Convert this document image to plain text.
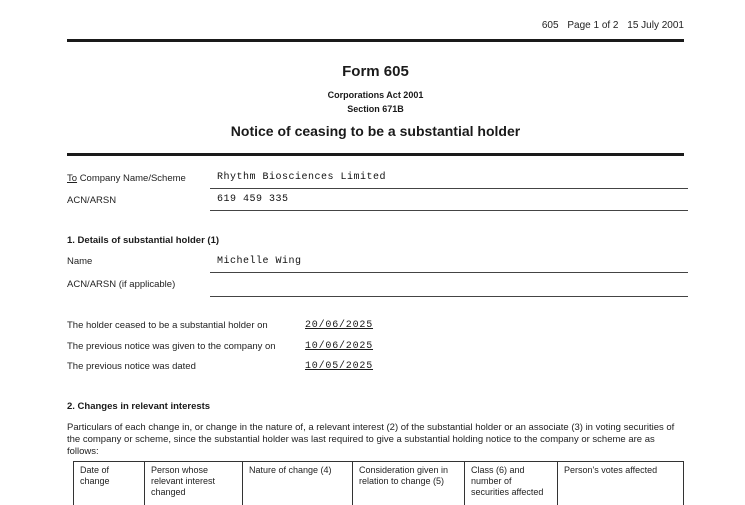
605 Page 1 of 2 15 July 2001
Form 605
Corporations Act 2001
Section 671B
Notice of ceasing to be a substantial holder
To Company Name/Scheme	Rhythm Biosciences Limited
ACN/ARSN	619 459 335
1. Details of substantial holder (1)
Name	Michelle Wing
ACN/ARSN (if applicable)
The holder ceased to be a substantial holder on	20/06/2025
The previous notice was given to the company on	10/06/2025
The previous notice was dated	10/05/2025
2. Changes in relevant interests
Particulars of each change in, or change in the nature of, a relevant interest (2) of the substantial holder or an associate (3) in voting securities of the company or scheme, since the substantial holder was last required to give a substantial holding notice to the company or scheme are as follows:
Date of change	Person whose relevant interest changed	Nature of change (4)	Consideration given in relation to change (5)	Class (6) and number of securities affected	Person's votes affected
